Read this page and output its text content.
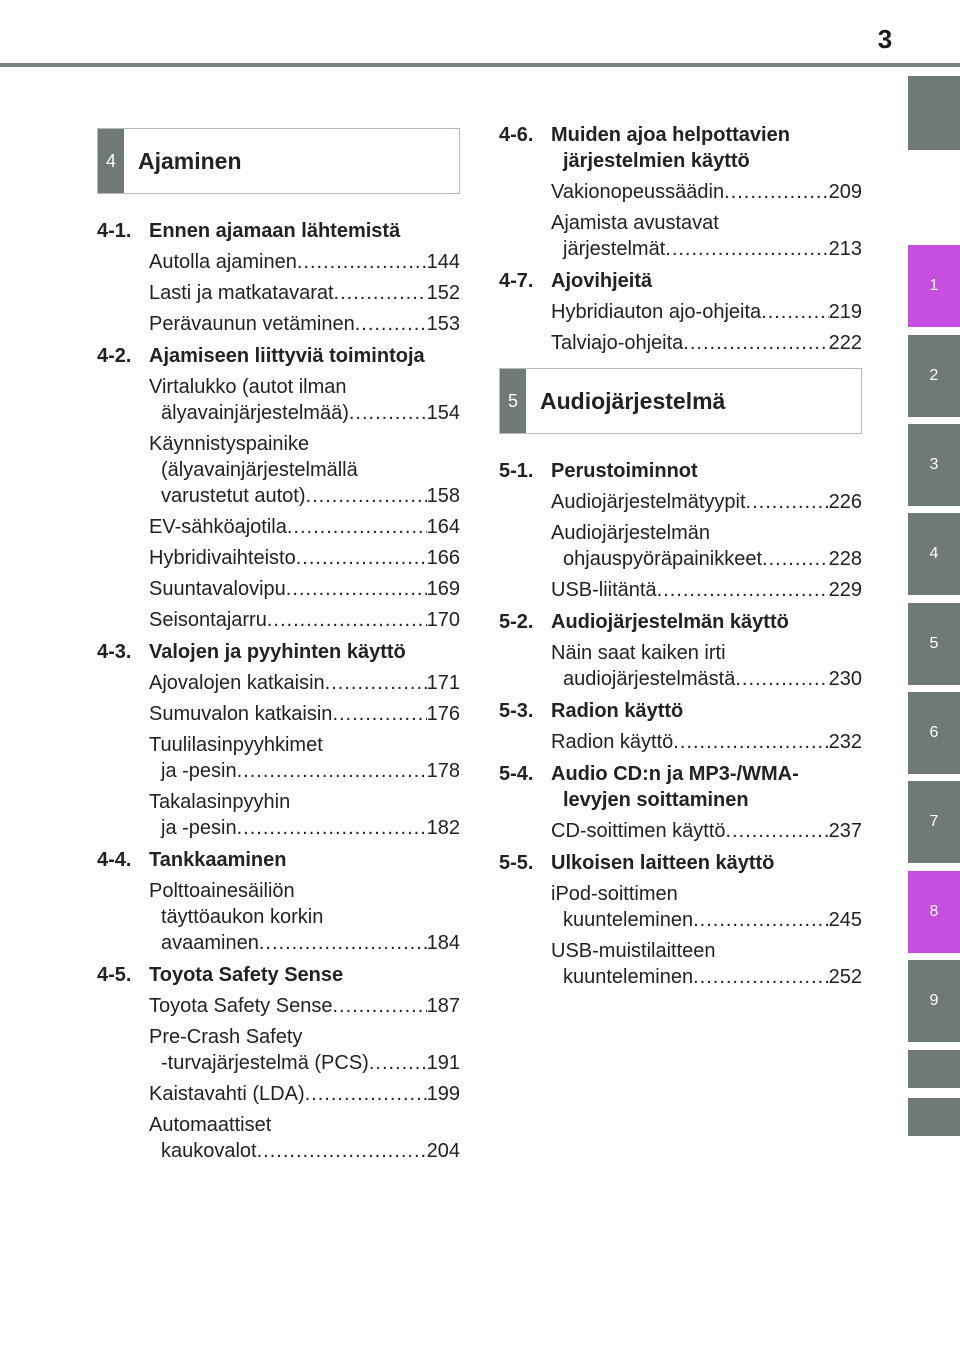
3
1
2
3
4
5
6
7
8
9
4 Ajaminen
4-1. Ennen ajamaan lähtemistä
Autolla ajaminen .....	144
Lasti ja matkatavarat .....	152
Perävaunun vetäminen .....	153
4-2. Ajamiseen liittyviä toimintoja
Virtalukko (autot ilman
älyavainjärjestelmää) .....	154
Käynnistyspainike
(älyavainjärjestelmällä
varustetut autot) .....	158
EV-sähköajotila .....	164
Hybridivaihteisto .....	166
Suuntavalovipu .....	169
Seisontajarru .....	170
4-3. Valojen ja pyyhinten käyttö
Ajovalojen katkaisin .....	171
Sumuvalon katkaisin .....	176
Tuulilasinpyyhkimet
ja -pesin .....	178
Takalasinpyyhin
ja -pesin .....	182
4-4. Tankkaaminen
Polttoainesäiliön
täyttöaukon korkin
avaaminen .....	184
4-5. Toyota Safety Sense
Toyota Safety Sense .....	187
Pre-Crash Safety
-turvajärjestelmä (PCS) .....	191
Kaistavahti (LDA) .....	199
Automaattiset
kaukovalot .....	204
4-6. Muiden ajoa helpottavien järjestelmien käyttö
Vakionopeussäädin .....	209
Ajamista avustavat
järjestelmät .....	213
4-7. Ajovihjeitä
Hybridiauton ajo-ohjeita .....	219
Talviajo-ohjeita .....	222
5 Audiojärjestelmä
5-1. Perustoiminnot
Audiojärjestelmätyypit .....	226
Audiojärjestelmän
ohjauspyöräpainikkeet .....	228
USB-liitäntä .....	229
5-2. Audiojärjestelmän käyttö
Näin saat kaiken irti
audiojärjestelmästä .....	230
5-3. Radion käyttö
Radion käyttö .....	232
5-4. Audio CD:n ja MP3-/WMA-levyjen soittaminen
CD-soittimen käyttö .....	237
5-5. Ulkoisen laitteen käyttö
iPod-soittimen
kuunteleminen .....	245
USB-muistilaitteen
kuunteleminen .....	252
